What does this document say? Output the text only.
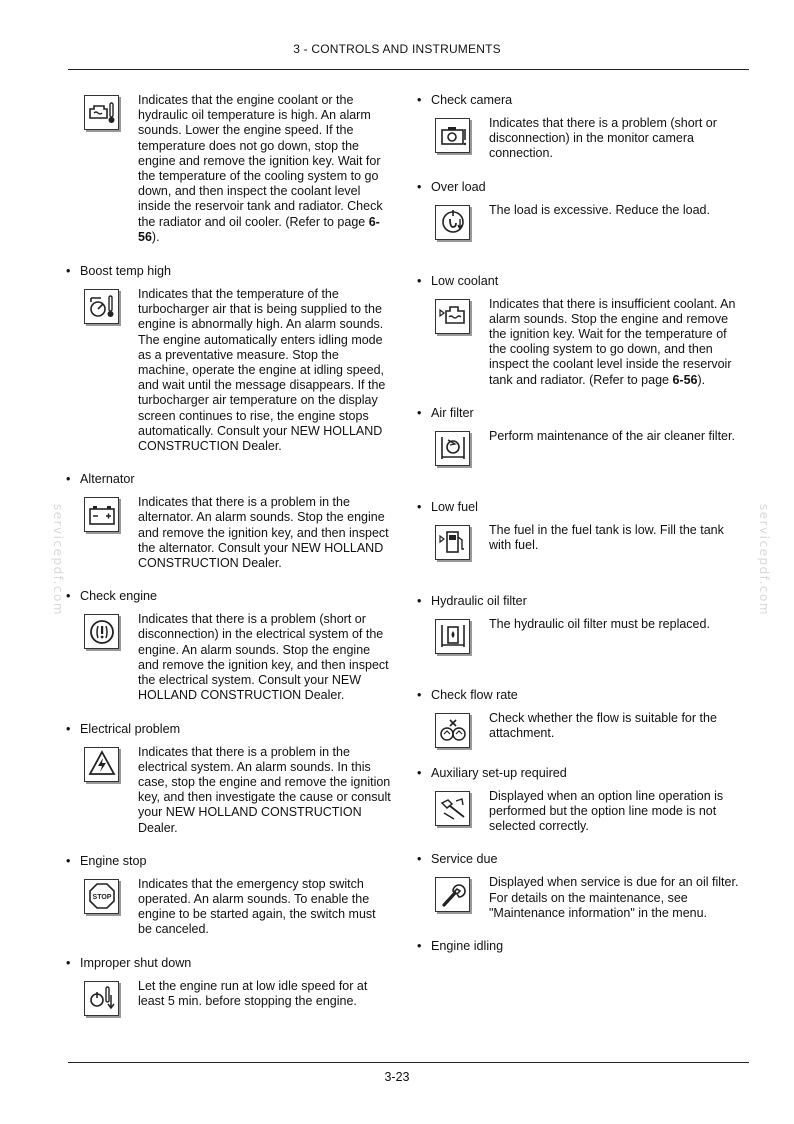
3 - CONTROLS AND INSTRUMENTS
servicepdf.com	servicepdf.com
Indicates that the engine coolant or the hydraulic oil temperature is high. An alarm sounds. Lower the engine speed. If the temperature does not go down, stop the engine and remove the ignition key. Wait for the temperature of the cooling system to go down, and then inspect the coolant level inside the reservoir tank and radiator. Check the radiator and oil cooler. (Refer to page 6-56).
• Boost temp high
Indicates that the temperature of the turbocharger air that is being supplied to the engine is abnormally high. An alarm sounds. The engine automatically enters idling mode as a preventative measure. Stop the machine, operate the engine at idling speed, and wait until the message disappears. If the turbocharger air temperature on the display screen continues to rise, the engine stops automatically. Consult your NEW HOLLAND CONSTRUCTION Dealer.
• Alternator
Indicates that there is a problem in the alternator. An alarm sounds. Stop the engine and remove the ignition key, and then inspect the alternator. Consult your NEW HOLLAND CONSTRUCTION Dealer.
• Check engine
Indicates that there is a problem (short or disconnection) in the electrical system of the engine. An alarm sounds. Stop the engine and remove the ignition key, and then inspect the electrical system. Consult your NEW HOLLAND CONSTRUCTION Dealer.
• Electrical problem
Indicates that there is a problem in the electrical system. An alarm sounds. In this case, stop the engine and remove the ignition key, and then investigate the cause or consult your NEW HOLLAND CONSTRUCTION Dealer.
• Engine stop
STOP
Indicates that the emergency stop switch operated. An alarm sounds. To enable the engine to be started again, the switch must be canceled.
• Improper shut down
Let the engine run at low idle speed for at least 5 min. before stopping the engine.
• Check camera
Indicates that there is a problem (short or disconnection) in the monitor camera connection.
• Over load
The load is excessive. Reduce the load.
• Low coolant
Indicates that there is insufficient coolant. An alarm sounds. Stop the engine and remove the ignition key. Wait for the temperature of the cooling system to go down, and then inspect the coolant level inside the reservoir tank and radiator. (Refer to page 6-56).
• Air filter
Perform maintenance of the air cleaner filter.
• Low fuel
The fuel in the fuel tank is low. Fill the tank with fuel.
• Hydraulic oil filter
The hydraulic oil filter must be replaced.
• Check flow rate
Check whether the flow is suitable for the attachment.
• Auxiliary set-up required
Displayed when an option line operation is performed but the option line mode is not selected correctly.
• Service due
Displayed when service is due for an oil filter. For details on the maintenance, see "Maintenance information" in the menu.
• Engine idling
3-23
